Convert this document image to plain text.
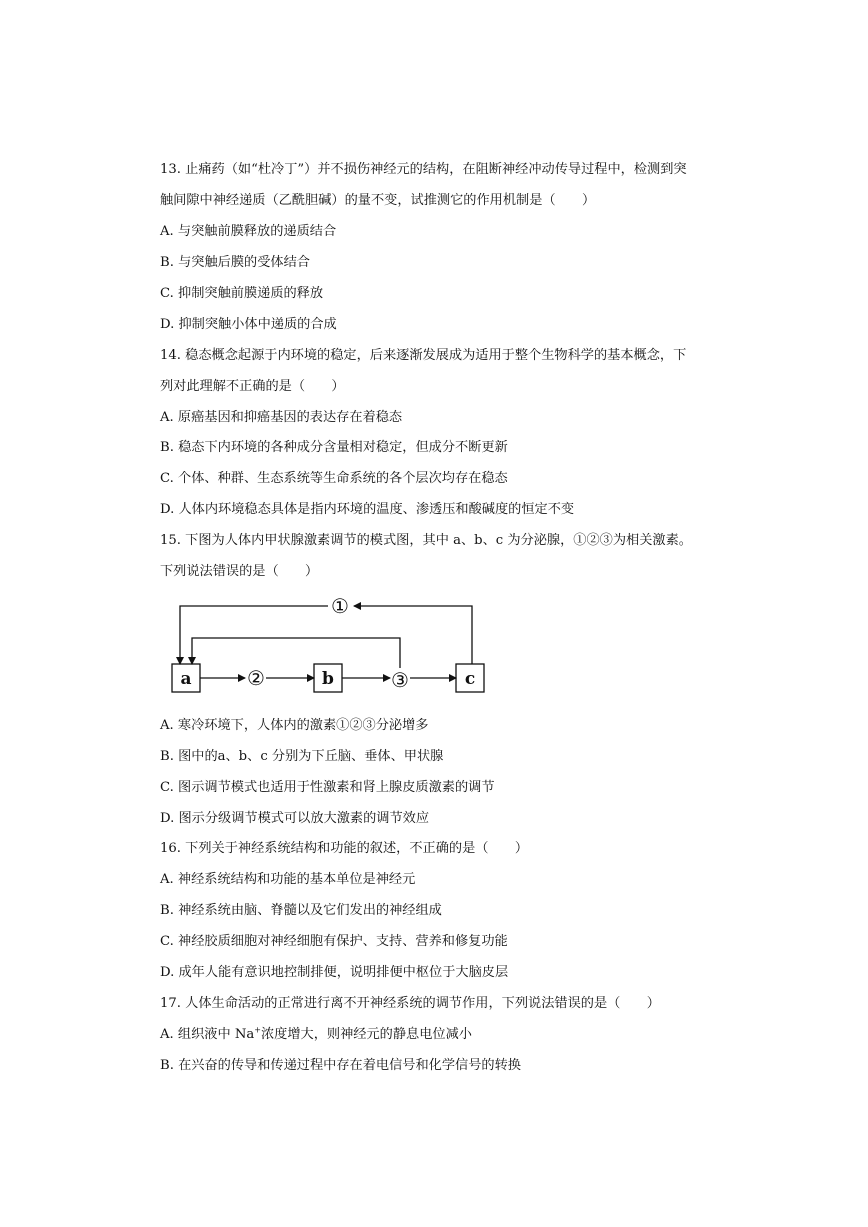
13. 止痛药（如“杜冷丁”）并不损伤神经元的结构，在阻断神经冲动传导过程中，检测到突
触间隙中神经递质（乙酰胆碱）的量不变，试推测它的作用机制是（　　）
A. 与突触前膜释放的递质结合
B. 与突触后膜的受体结合
C. 抑制突触前膜递质的释放
D. 抑制突触小体中递质的合成
14. 稳态概念起源于内环境的稳定，后来逐渐发展成为适用于整个生物科学的基本概念，下
列对此理解不正确的是（　　）
A. 原癌基因和抑癌基因的表达存在着稳态
B. 稳态下内环境的各种成分含量相对稳定，但成分不断更新
C. 个体、种群、生态系统等生命系统的各个层次均存在稳态
D. 人体内环境稳态具体是指内环境的温度、渗透压和酸碱度的恒定不变
15. 下图为人体内甲状腺激素调节的模式图，其中 a、b、c 为分泌腺，①②③为相关激素。
下列说法错误的是（　　）
①
②	③
a	b	c
A. 寒冷环境下，人体内的激素①②③分泌增多
B. 图中的a、b、c 分别为下丘脑、垂体、甲状腺
C. 图示调节模式也适用于性激素和肾上腺皮质激素的调节
D. 图示分级调节模式可以放大激素的调节效应
16. 下列关于神经系统结构和功能的叙述，不正确的是（　　）
A. 神经系统结构和功能的基本单位是神经元
B. 神经系统由脑、脊髓以及它们发出的神经组成
C. 神经胶质细胞对神经细胞有保护、支持、营养和修复功能
D. 成年人能有意识地控制排便，说明排便中枢位于大脑皮层
17. 人体生命活动的正常进行离不开神经系统的调节作用，下列说法错误的是（　　）
A. 组织液中 Na+浓度增大，则神经元的静息电位减小
B. 在兴奋的传导和传递过程中存在着电信号和化学信号的转换
